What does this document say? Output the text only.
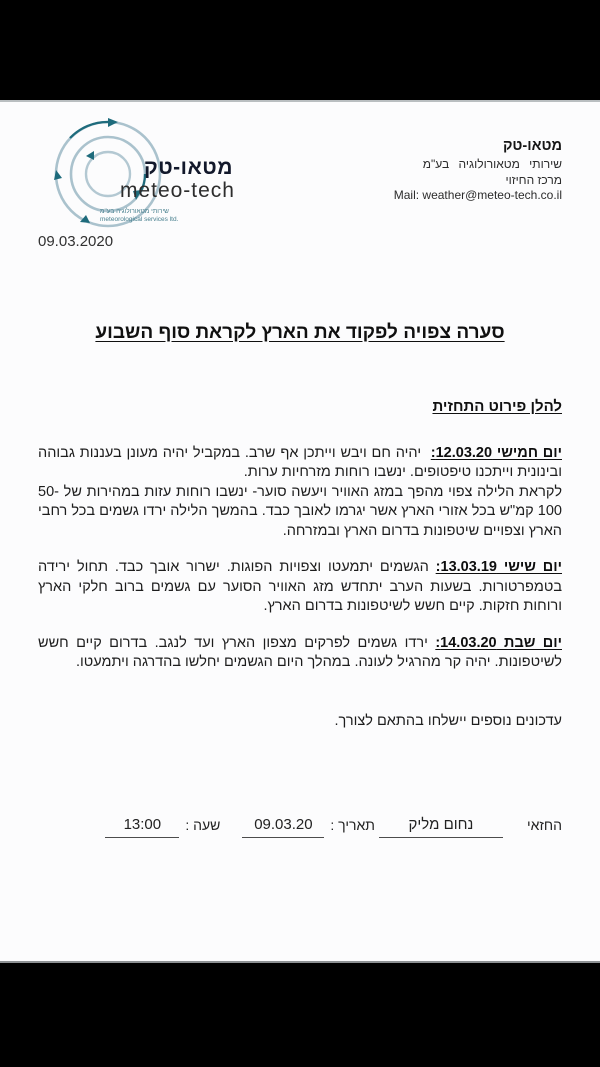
מטאו-טק
meteo-tech
שירותי מטאורולוגיה בע"מ
meteorological services ltd.
מטאו-טק
שירותי מטאורולוגיה בע"מ
מרכז החיזוי
Mail: weather@meteo-tech.co.il
09.03.2020
סערה צפויה לפקוד את הארץ לקראת סוף השבוע
להלן פירוט התחזית

יום חמישי 12.03.20:  יהיה חם ויבש וייתכן אף שרב. במקביל יהיה מעונן בעננות גבוהה ובינונית וייתכנו טיפטופים. ינשבו רוחות מזרחיות ערות.
לקראת הלילה צפוי מהפך במזג האוויר ויעשה סוער- ינשבו רוחות עזות במהירות של 50-100 קמ"ש בכל אזורי הארץ אשר יגרמו לאובך כבד. בהמשך הלילה ירדו גשמים בכל רחבי הארץ וצפויים שיטפונות בדרום הארץ ובמזרחה.

יום שישי 13.03.19: הגשמים יתמעטו וצפויות הפוגות. ישרור אובך כבד. תחול ירידה בטמפרטורות. בשעות הערב יתחדש מזג האוויר הסוער עם גשמים ברוב חלקי הארץ ורוחות חזקות. קיים חשש לשיטפונות בדרום הארץ.

יום שבת 14.03.20: ירדו גשמים לפרקים מצפון הארץ ועד לנגב. בדרום קיים חשש לשיטפונות. יהיה קר מהרגיל לעונה. במהלך היום הגשמים יחלשו בהדרגה ויתמעטו.

עדכונים נוספים יישלחו בהתאם לצורך.

החזאי
נחום מליק
תאריך :
09.03.20
שעה :
13:00
